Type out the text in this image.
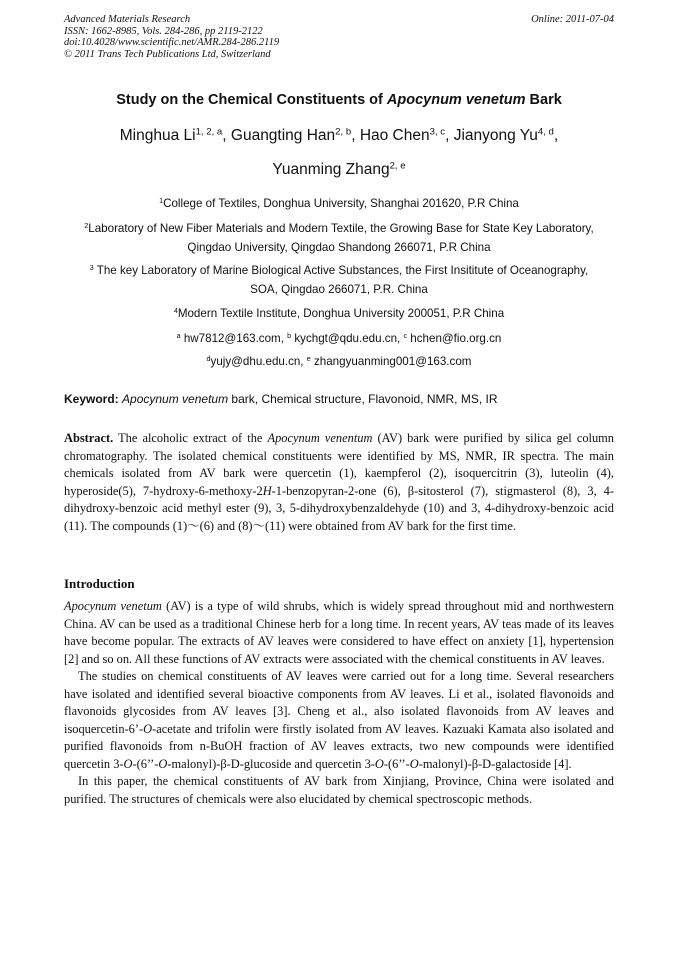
Advanced Materials Research
ISSN: 1662-8985, Vols. 284-286, pp 2119-2122
doi:10.4028/www.scientific.net/AMR.284-286.2119
© 2011 Trans Tech Publications Ltd, Switzerland
Online: 2011-07-04
Study on the Chemical Constituents of Apocynum venetum Bark
Minghua Li$^{1, 2, a}$, Guangting Han$^{2, b}$, Hao Chen$^{3, c}$, Jianyong Yu$^{4, d}$,
Yuanming Zhang$^{2, e}$
$^1$College of Textiles, Donghua University, Shanghai 201620, P.R China
$^2$Laboratory of New Fiber Materials and Modern Textile, the Growing Base for State Key Laboratory,
Qingdao University, Qingdao Shandong 266071, P.R China
$^3$ The key Laboratory of Marine Biological Active Substances, the First Insititute of Oceanography,
SOA, Qingdao 266071, P.R. China
$^4$Modern Textile Institute, Donghua University 200051, P.R China
$^a$ hw7812@163.com, $^b$ kychgt@qdu.edu.cn, $^c$ hchen@fio.org.cn
$^d$yujy@dhu.edu.cn, $^e$ zhangyuanming001@163.com
Keyword: Apocynum venetum bark, Chemical structure, Flavonoid, NMR, MS, IR
Abstract. The alcoholic extract of the Apocynum venentum (AV) bark were purified by silica gel column chromatography. The isolated chemical constituents were identified by MS, NMR, IR spectra. The main chemicals isolated from AV bark were quercetin (1), kaempferol (2), isoquercitrin (3), luteolin (4), hyperoside(5), 7-hydroxy-6-methoxy-2H-1-benzopyran-2-one (6), β-sitosterol (7), stigmasterol (8), 3, 4-dihydroxy-benzoic acid methyl ester (9), 3, 5-dihydroxybenzaldehyde (10) and 3, 4-dihydroxy-benzoic acid (11). The compounds (1)～(6) and (8)～(11) were obtained from AV bark for the first time.
Introduction

Apocynum venetum (AV) is a type of wild shrubs, which is widely spread throughout mid and northwestern China. AV can be used as a traditional Chinese herb for a long time. In recent years, AV teas made of its leaves have become popular. The extracts of AV leaves were considered to have effect on anxiety [1], hypertension [2] and so on. All these functions of AV extracts were associated with the chemical constituents in AV leaves.

The studies on chemical constituents of AV leaves were carried out for a long time. Several researchers have isolated and identified several bioactive components from AV leaves. Li et al., isolated flavonoids and flavonoids glycosides from AV leaves [3]. Cheng et al., also isolated flavonoids from AV leaves and isoquercetin-6’-O-acetate and trifolin were firstly isolated from AV leaves. Kazuaki Kamata also isolated and purified flavonoids from n-BuOH fraction of AV leaves extracts, two new compounds were identified quercetin 3-O-(6’’-O-malonyl)-β-D-glucoside and quercetin 3-O-(6’’-O-malonyl)-β-D-galactoside [4].

In this paper, the chemical constituents of AV bark from Xinjiang, Province, China were isolated and purified. The structures of chemicals were also elucidated by chemical spectroscopic methods.
